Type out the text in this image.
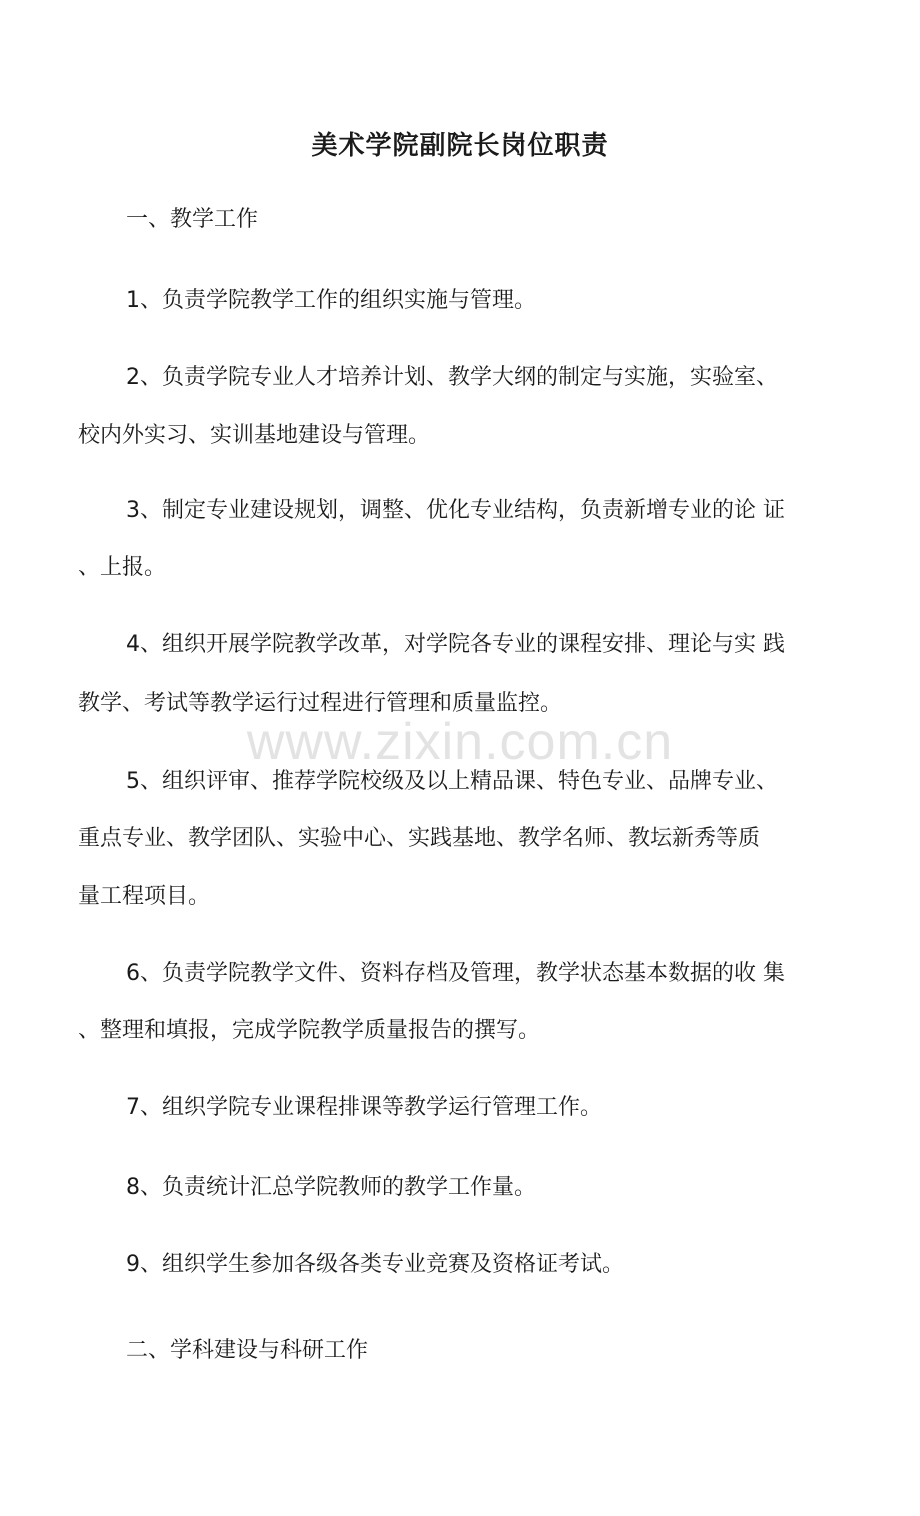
www.zixin.com.cn
美术学院副院长岗位职责
一、教学工作
1、负责学院教学工作的组织实施与管理。
2、负责学院专业人才培养计划、教学大纲的制定与实施，实验室、
校内外实习、实训基地建设与管理。
3、制定专业建设规划，调整、优化专业结构，负责新增专业的论 证
、上报。
4、组织开展学院教学改革，对学院各专业的课程安排、理论与实 践
教学、考试等教学运行过程进行管理和质量监控。
5、组织评审、推荐学院校级及以上精品课、特色专业、品牌专业、
重点专业、教学团队、实验中心、实践基地、教学名师、教坛新秀等质
量工程项目。
6、负责学院教学文件、资料存档及管理，教学状态基本数据的收 集
、整理和填报，完成学院教学质量报告的撰写。
7、组织学院专业课程排课等教学运行管理工作。
8、负责统计汇总学院教师的教学工作量。
9、组织学生参加各级各类专业竞赛及资格证考试。
二、学科建设与科研工作
